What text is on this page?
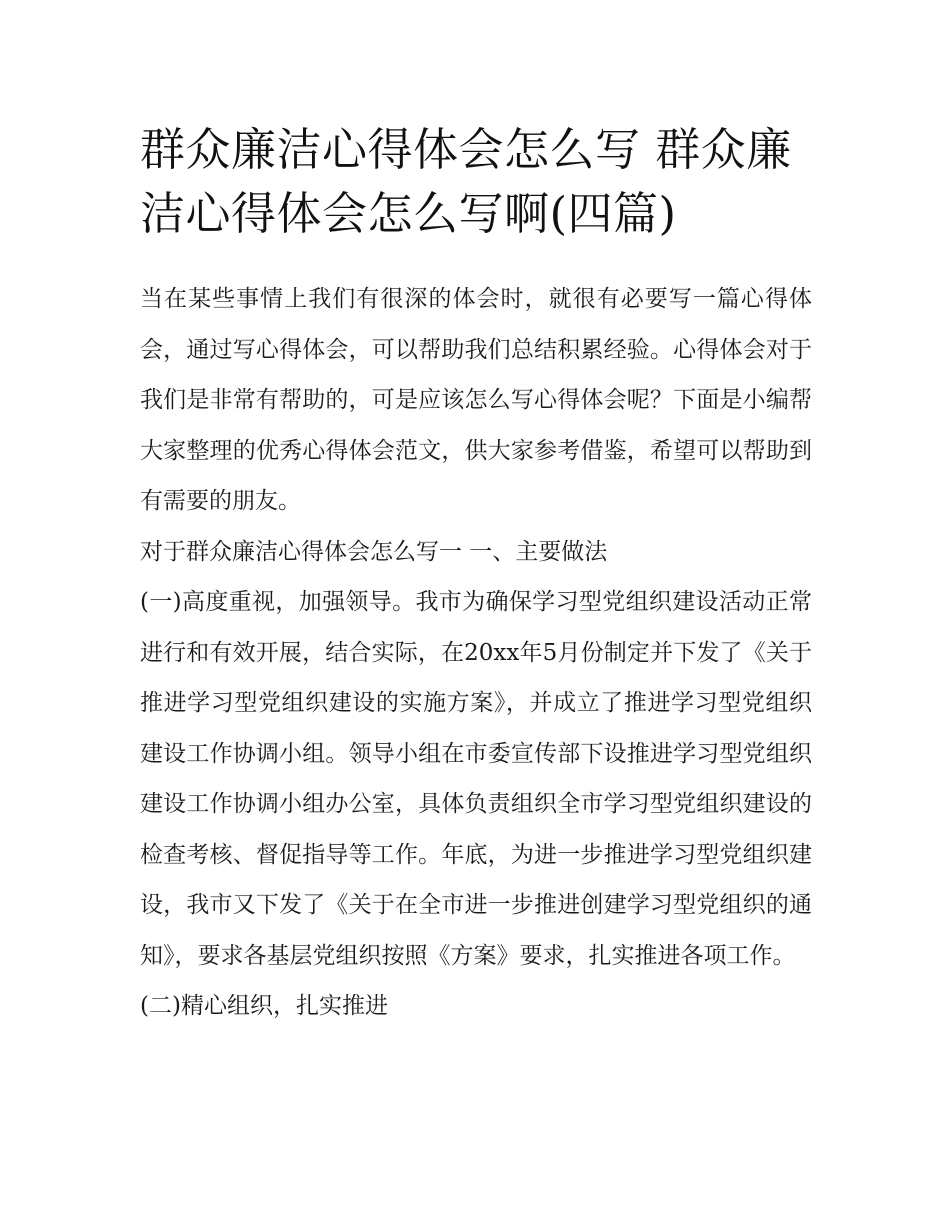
群众廉洁心得体会怎么写 群众廉洁心得体会怎么写啊(四篇)

当在某些事情上我们有很深的体会时，就很有必要写一篇心得体会，通过写心得体会，可以帮助我们总结积累经验。心得体会对于我们是非常有帮助的，可是应该怎么写心得体会呢？下面是小编帮大家整理的优秀心得体会范文，供大家参考借鉴，希望可以帮助到有需要的朋友。

对于群众廉洁心得体会怎么写一 一、主要做法

(一)高度重视，加强领导。我市为确保学习型党组织建设活动正常进行和有效开展，结合实际，在20xx年5月份制定并下发了《关于推进学习型党组织建设的实施方案》，并成立了推进学习型党组织建设工作协调小组。领导小组在市委宣传部下设推进学习型党组织建设工作协调小组办公室，具体负责组织全市学习型党组织建设的检查考核、督促指导等工作。年底，为进一步推进学习型党组织建设，我市又下发了《关于在全市进一步推进创建学习型党组织的通知》，要求各基层党组织按照《方案》要求，扎实推进各项工作。

(二)精心组织，扎实推进
